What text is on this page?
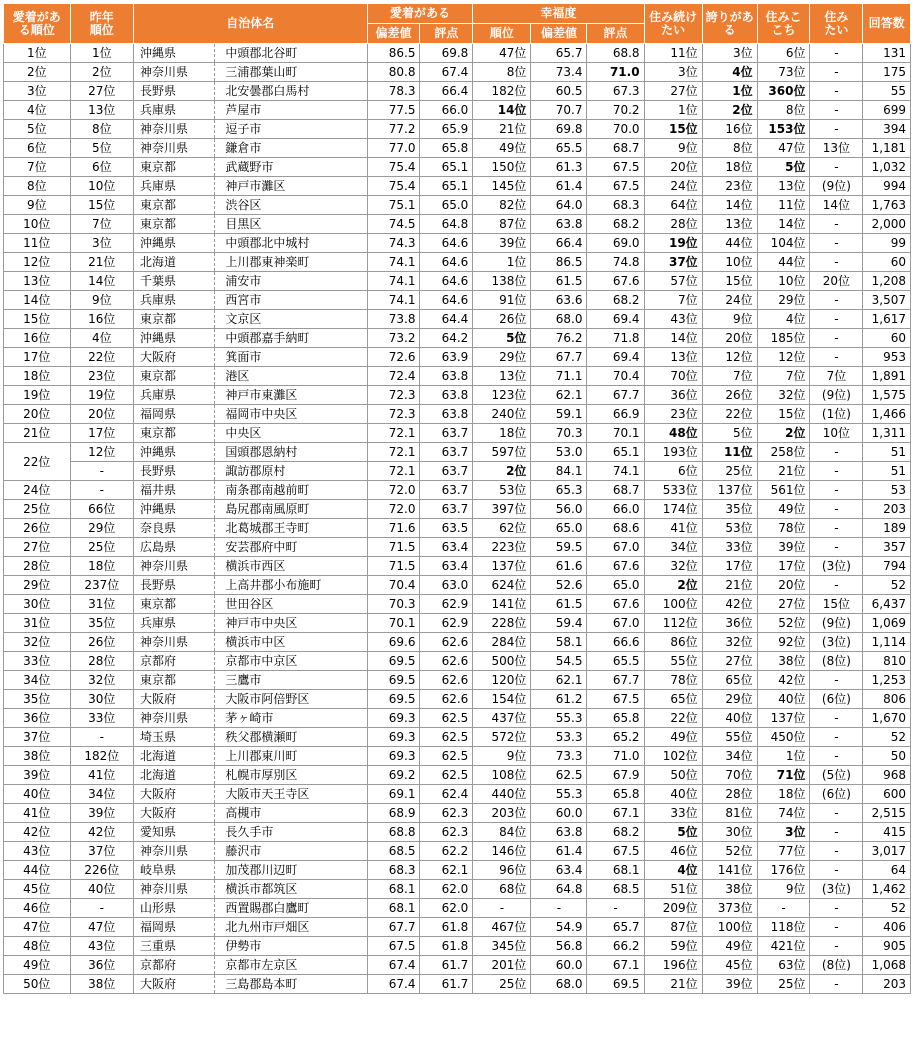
愛着がある順位	昨年順位	自治体名		愛着がある		幸福度			住み続けたい	誇りがある	住みここち	住みたい	回答数
				偏差値	評点	順位	偏差値	評点					
1位	1位	沖縄県	中頭郡北谷町	86.5	69.8	47位	65.7	68.8	11位	3位	6位	-	131
2位	2位	神奈川県	三浦郡葉山町	80.8	67.4	8位	73.4	71.0	3位	4位	73位	-	175
3位	27位	長野県	北安曇郡白馬村	78.3	66.4	182位	60.5	67.3	27位	1位	360位	-	55
4位	13位	兵庫県	芦屋市	77.5	66.0	14位	70.7	70.2	1位	2位	8位	-	699
5位	8位	神奈川県	逗子市	77.2	65.9	21位	69.8	70.0	15位	16位	153位	-	394
6位	5位	神奈川県	鎌倉市	77.0	65.8	49位	65.5	68.7	9位	8位	47位	13位	1,181
7位	6位	東京都	武蔵野市	75.4	65.1	150位	61.3	67.5	20位	18位	5位	-	1,032
8位	10位	兵庫県	神戸市灘区	75.4	65.1	145位	61.4	67.5	24位	23位	13位	(9位)	994
9位	15位	東京都	渋谷区	75.1	65.0	82位	64.0	68.3	64位	14位	11位	14位	1,763
10位	7位	東京都	目黒区	74.5	64.8	87位	63.8	68.2	28位	13位	14位	-	2,000
11位	3位	沖縄県	中頭郡北中城村	74.3	64.6	39位	66.4	69.0	19位	44位	104位	-	99
12位	21位	北海道	上川郡東神楽町	74.1	64.6	1位	86.5	74.8	37位	10位	44位	-	60
13位	14位	千葉県	浦安市	74.1	64.6	138位	61.5	67.6	57位	15位	10位	20位	1,208
14位	9位	兵庫県	西宮市	74.1	64.6	91位	63.6	68.2	7位	24位	29位	-	3,507
15位	16位	東京都	文京区	73.8	64.4	26位	68.0	69.4	43位	9位	4位	-	1,617
16位	4位	沖縄県	中頭郡嘉手納町	73.2	64.2	5位	76.2	71.8	14位	20位	185位	-	60
17位	22位	大阪府	箕面市	72.6	63.9	29位	67.7	69.4	13位	12位	12位	-	953
18位	23位	東京都	港区	72.4	63.8	13位	71.1	70.4	70位	7位	7位	7位	1,891
19位	19位	兵庫県	神戸市東灘区	72.3	63.8	123位	62.1	67.7	36位	26位	32位	(9位)	1,575
20位	20位	福岡県	福岡市中央区	72.3	63.8	240位	59.1	66.9	23位	22位	15位	(1位)	1,466
21位	17位	東京都	中央区	72.1	63.7	18位	70.3	70.1	48位	5位	2位	10位	1,311
22位	12位	沖縄県	国頭郡恩納村	72.1	63.7	597位	53.0	65.1	193位	11位	258位	-	51
	-	長野県	諏訪郡原村	72.1	63.7	2位	84.1	74.1	6位	25位	21位	-	51
24位	-	福井県	南条郡南越前町	72.0	63.7	53位	65.3	68.7	533位	137位	561位	-	53
25位	66位	沖縄県	島尻郡南風原町	72.0	63.7	397位	56.0	66.0	174位	35位	49位	-	203
26位	29位	奈良県	北葛城郡王寺町	71.6	63.5	62位	65.0	68.6	41位	53位	78位	-	189
27位	25位	広島県	安芸郡府中町	71.5	63.4	223位	59.5	67.0	34位	33位	39位	-	357
28位	18位	神奈川県	横浜市西区	71.5	63.4	137位	61.6	67.6	32位	17位	17位	(3位)	794
29位	237位	長野県	上高井郡小布施町	70.4	63.0	624位	52.6	65.0	2位	21位	20位	-	52
30位	31位	東京都	世田谷区	70.3	62.9	141位	61.5	67.6	100位	42位	27位	15位	6,437
31位	35位	兵庫県	神戸市中央区	70.1	62.9	228位	59.4	67.0	112位	36位	52位	(9位)	1,069
32位	26位	神奈川県	横浜市中区	69.6	62.6	284位	58.1	66.6	86位	32位	92位	(3位)	1,114
33位	28位	京都府	京都市中京区	69.5	62.6	500位	54.5	65.5	55位	27位	38位	(8位)	810
34位	32位	東京都	三鷹市	69.5	62.6	120位	62.1	67.7	78位	65位	42位	-	1,253
35位	30位	大阪府	大阪市阿倍野区	69.5	62.6	154位	61.2	67.5	65位	29位	40位	(6位)	806
36位	33位	神奈川県	茅ヶ崎市	69.3	62.5	437位	55.3	65.8	22位	40位	137位	-	1,670
37位	-	埼玉県	秩父郡横瀬町	69.3	62.5	572位	53.3	65.2	49位	55位	450位	-	52
38位	182位	北海道	上川郡東川町	69.3	62.5	9位	73.3	71.0	102位	34位	1位	-	50
39位	41位	北海道	札幌市厚別区	69.2	62.5	108位	62.5	67.9	50位	70位	71位	(5位)	968
40位	34位	大阪府	大阪市天王寺区	69.1	62.4	440位	55.3	65.8	40位	28位	18位	(6位)	600
41位	39位	大阪府	高槻市	68.9	62.3	203位	60.0	67.1	33位	81位	74位	-	2,515
42位	42位	愛知県	長久手市	68.8	62.3	84位	63.8	68.2	5位	30位	3位	-	415
43位	37位	神奈川県	藤沢市	68.5	62.2	146位	61.4	67.5	46位	52位	77位	-	3,017
44位	226位	岐阜県	加茂郡川辺町	68.3	62.1	96位	63.4	68.1	4位	141位	176位	-	64
45位	40位	神奈川県	横浜市都筑区	68.1	62.0	68位	64.8	68.5	51位	38位	9位	(3位)	1,462
46位	-	山形県	西置賜郡白鷹町	68.1	62.0	-	-	-	209位	373位	-	-	52
47位	47位	福岡県	北九州市戸畑区	67.7	61.8	467位	54.9	65.7	87位	100位	118位	-	406
48位	43位	三重県	伊勢市	67.5	61.8	345位	56.8	66.2	59位	49位	421位	-	905
49位	36位	京都府	京都市左京区	67.4	61.7	201位	60.0	67.1	196位	45位	63位	(8位)	1,068
50位	38位	大阪府	三島郡島本町	67.4	61.7	25位	68.0	69.5	21位	39位	25位	-	203
